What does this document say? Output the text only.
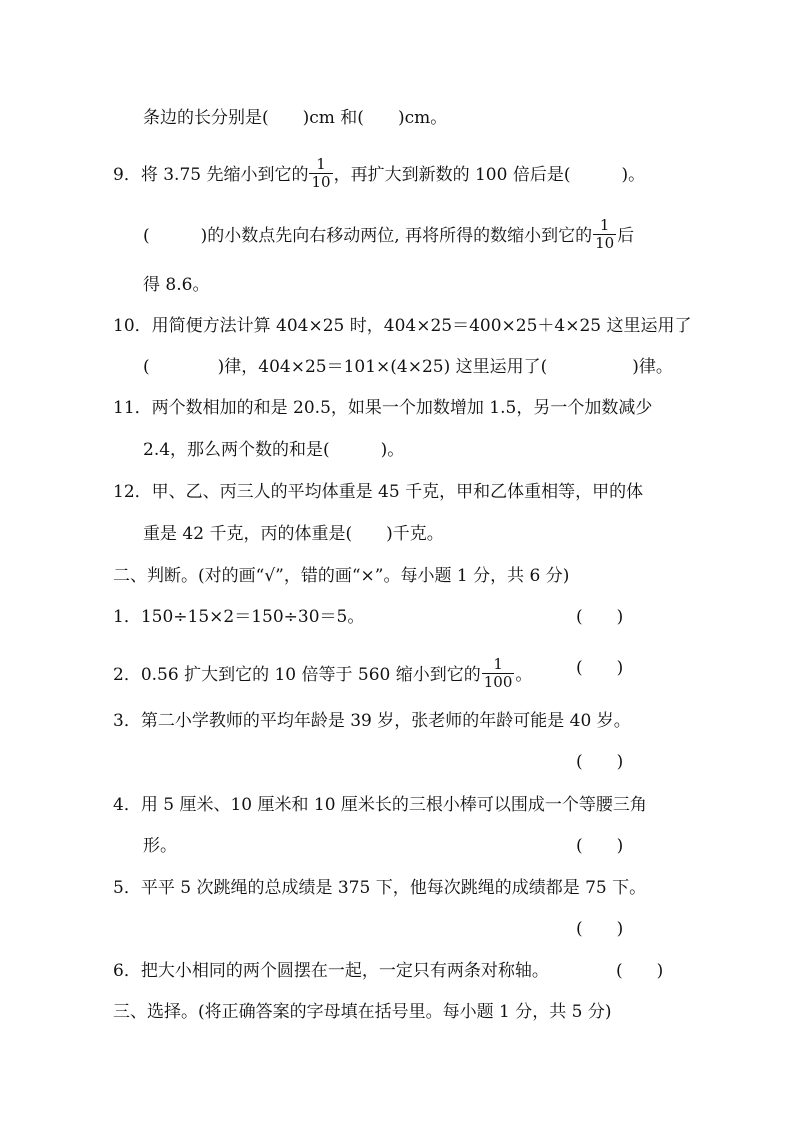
条边的长分别是(　　)cm 和(　　)cm。
9．将 3.75 先缩小到它的 $\frac{1}{10}$ ，再扩大到新数的 100 倍后是(　　　)。
(　　　)的小数点先向右移动两位, 再将所得的数缩小到它的 $\frac{1}{10}$ 后
得 8.6。
10．用简便方法计算 404×25 时，404×25＝400×25＋4×25 这里运用了
(　　　　)律，404×25＝101×(4×25) 这里运用了(　　　　　)律。
11．两个数相加的和是 20.5，如果一个加数增加 1.5，另一个加数减少
2.4，那么两个数的和是(　　　)。
12．甲、乙、丙三人的平均体重是 45 千克，甲和乙体重相等，甲的体
重是 42 千克，丙的体重是(　　)千克。
二、判断。(对的画“√”，错的画“×”。每小题 1 分，共 6 分)
1．150÷15×2＝150÷30＝5。	(　　)
2．0.56 扩大到它的 10 倍等于 560 缩小到它的 $\frac{1}{100}$ 。	(　　)
3．第二小学教师的平均年龄是 39 岁，张老师的年龄可能是 40 岁。
(　　)
4．用 5 厘米、10 厘米和 10 厘米长的三根小棒可以围成一个等腰三角
形。	(　　)
5．平平 5 次跳绳的总成绩是 375 下，他每次跳绳的成绩都是 75 下。
(　　)
6．把大小相同的两个圆摆在一起，一定只有两条对称轴。	(　　)
三、选择。(将正确答案的字母填在括号里。每小题 1 分，共 5 分)
